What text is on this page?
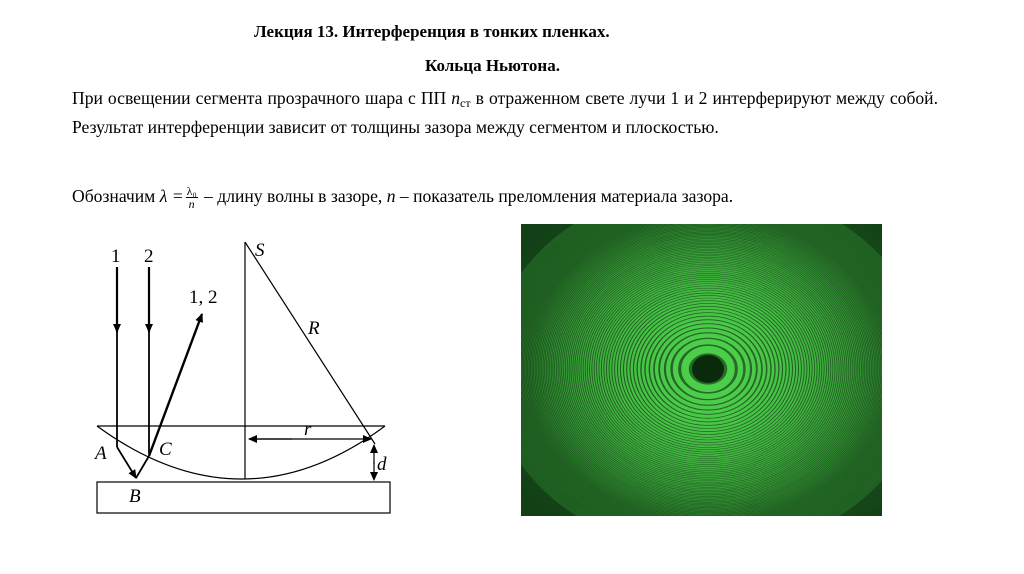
Лекция 13. Интерференция в тонких пленках.
Кольца Ньютона.
При освещении сегмента прозрачного шара с ПП $n_{ст}$ в отраженном свете лучи 1 и 2 интерферируют между собой. Результат интерференции зависит от толщины зазора между сегментом и плоскостью.
Обозначим $\lambda = \frac{\text{λ₀}}{n}$ – длину волны в зазоре, n – показатель преломления материала зазора.
1 2
1, 2
S
R
r
d
A
B
C
